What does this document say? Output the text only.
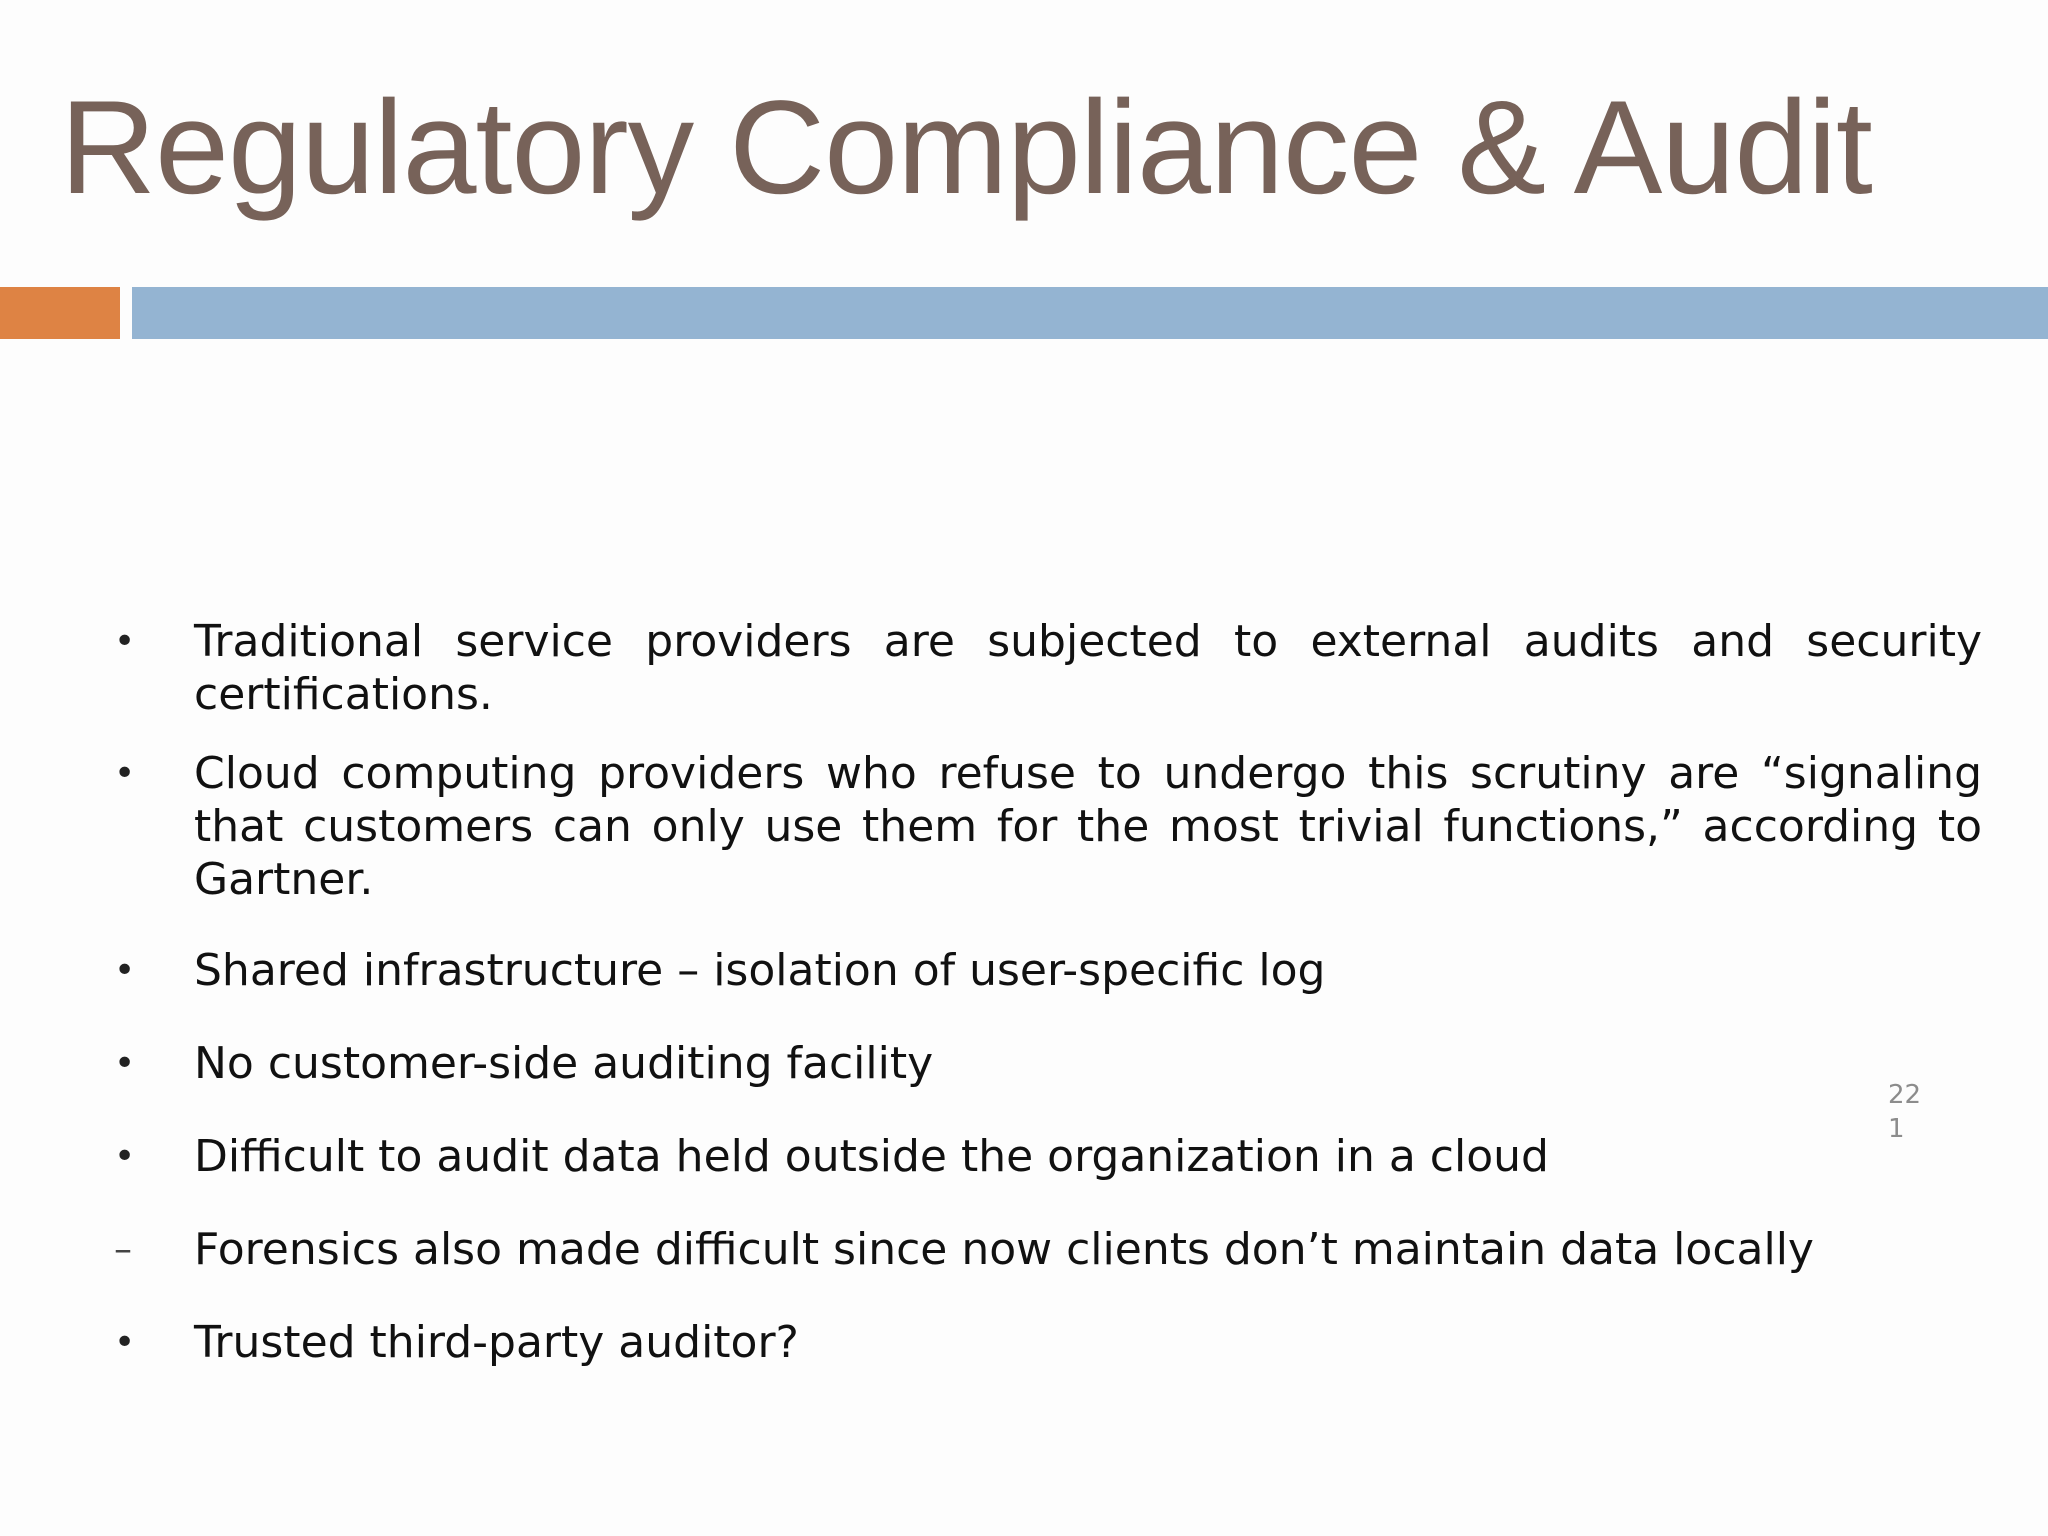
Regulatory Compliance & Audit
•	Traditional service providers are subjected to external audits and security certifications.
•	Cloud computing providers who refuse to undergo this scrutiny are “signaling that customers can only use them for the most trivial functions,” according to Gartner.
•	Shared infrastructure – isolation of user-specific log
•	No customer-side auditing facility
•	Difficult to audit data held outside the organization in a cloud
–	Forensics also made difficult since now clients don’t maintain data locally
•	Trusted third-party auditor?
22
1
